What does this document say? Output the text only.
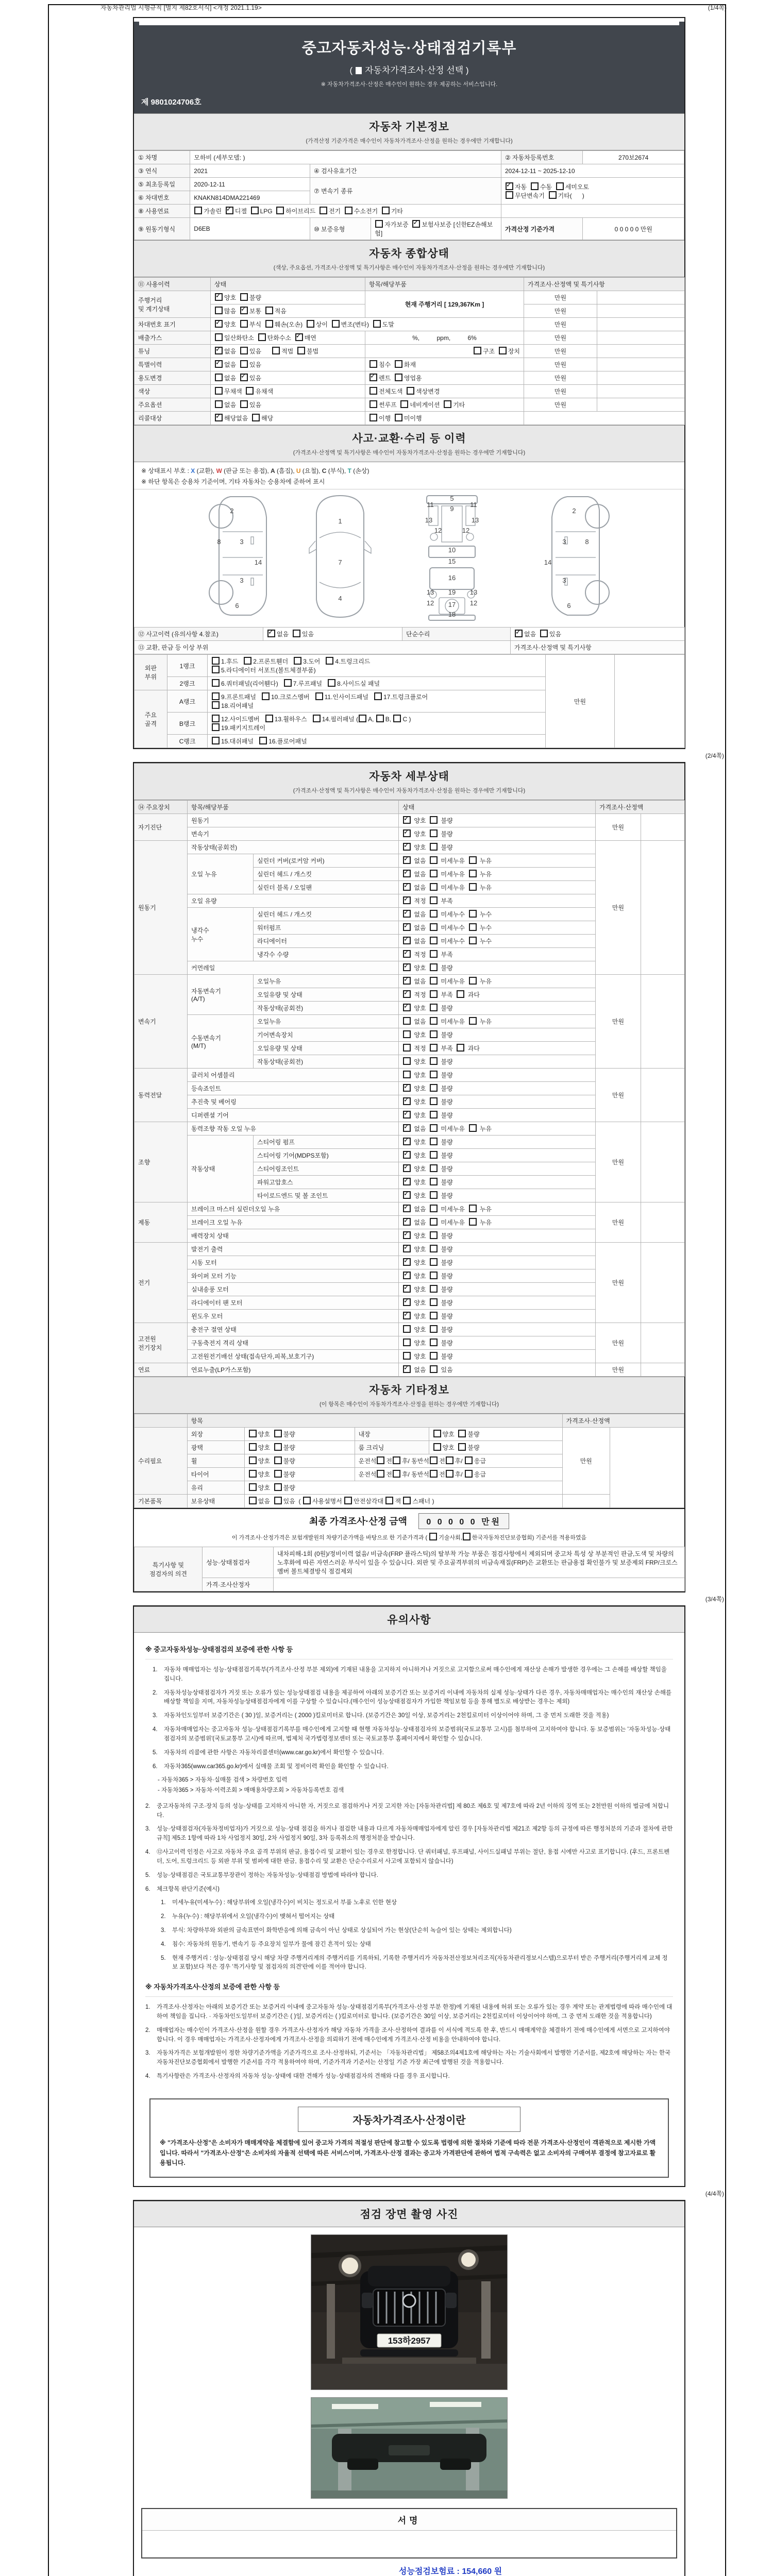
자동차관리법 시행규칙 [별지 제82호서식] <개정 2021.1.19>	(1/4쪽)
중고자동차성능·상태점검기록부
( 자동차가격조사·산정 선택 )
※ 자동차가격조사·산정은 매수인이 원하는 경우 제공하는 서비스입니다.
제 9801024706호
자동차 기본정보
(가격산정 기준가격은 매수인이 자동차가격조사·산정을 원하는 경우에만 기재합니다)
① 차명	모하비 (세부모델: )			② 자동차등록번호	270보2674
③ 연식	2021	④ 검사유효기간		2024-12-11 ~ 2025-12-10	
⑤ 최초등록일	2020-12-11	⑦ 변속기 종류	✓자동  수동  세미오토
무단변속기  기타(      )
⑥ 차대번호	KNAKN814DMA221469				
⑧ 사용연료	가솔린   ✓디젤  LPG  하이브리드  전기  수소전기  기타	
⑨ 원동기형식	D6EB	⑩ 보증유형	자가보증   ✓보험사보증 [신한EZ손해보험]	가격산정 기준가격	0 0 0 0 0 만원
자동차 종합상태
(색상, 주요옵션, 가격조사·산정액 및 특기사항은 매수인이 자동차가격조사·산정을 원하는 경우에만 기재합니다)
⑪ 사용이력	상태	항목/해당부품	가격조사·산정액 및 특기사항	
주행거리
및 계기상태	✓양호  불량	현재 주행거리 [ 129,367Km ]	만원	
	많음   ✓보통  적음		만원	
차대번호 표기	✓양호  부식  훼손(오손)  상이  변조(변타)  도말		만원	
배출가스	일산화탄소  탄화수소   ✓매연	%,          ppm,          6%	만원	
튜닝	✓없음  있음      적법  불법	구조  장치	만원	
특별이력	✓없음  있음	침수  화재	만원	
용도변경	없음   ✓있음	✓렌트  영업용	만원	
색상	무채색  유채색	전체도색  색상변경	만원	
주요옵션	없음  있음	썬루프  네비게이션  기타	만원	
리콜대상	✓해당없음  해당	이행  미이행		
사고·교환·수리 등 이력
(가격조사·산정액 및 특기사항은 매수인이 자동차가격조사·산정을 원하는 경우에만 기재합니다)
※ 상태표시 부호 : X (교환), W (판금 또는 용접), A (흠집), U (요철), C (부식), T (손상)
※ 하단 항목은 승용차 기준이며, 기타 자동차는 승용차에 준하여 표시
2
8	3
14
3
6
1
7
4
5
9
11	11
13	13
12	12
10
15
16
13 19 13
12 17 12
18
2
8
3
14
3
6
⑫ 사고이력 (유의사항 4.참조)	✓없음  있음	단순수리	✓없음  있음
⑬ 교환, 판금 등 이상 부위			가격조사·산정액 및 특기사항
외판
부위	1랭크	1.후드   2.프론트휀더   3.도어   4.트렁크리드
5.라디에이터 서포트(볼트체결부품)	만원	
	2랭크	6.쿼터패널(리어휀다)   7.루프패널   8.사이드실 패널		
주요
골격	A랭크	9.프론트패널   10.크로스멤버   11.인사이드패널   17.트렁크플로어
18.리어패널		
	B랭크	12.사이드멤버   13.휠하우스   14.필러패널 ( A, B, C )
19.패키지트레이		
	C랭크	15.대쉬패널   16.플로어패널		
(2/4쪽)
자동차 세부상태
(가격조사·산정액 및 특기사항은 매수인이 자동차가격조사·산정을 원하는 경우에만 기재합니다)
⑭ 주요장치	항목/해당부품		상태	가격조사·산정액	
자기진단	원동기	✓ 양호   불량	만원	
	변속기	✓ 양호   불량
원동기	작동상태(공회전)	✓ 양호   불량	만원	
	오일 누유	실린더 커버(로커암 커버)	✓ 없음   미세누유   누유
		실린더 헤드 / 개스킷	✓ 없음   미세누유   누유
		실린더 블록 / 오일팬	✓ 없음   미세누유   누유
	오일 유량	✓ 적정   부족
	냉각수
누수	실린더 헤드 / 개스킷	✓ 없음   미세누수   누수
		워터펌프	✓ 없음   미세누수   누수
		라디에이터	✓ 없음   미세누수   누수
		냉각수 수량	✓ 적정   부족
	커먼레일	✓ 양호   불량
변속기	자동변속기
(A/T)	오일누유	✓ 없음   미세누유   누유	만원	
		오일유량 및 상태	✓ 적정   부족   과다
		작동상태(공회전)	✓ 양호   불량
	수동변속기
(M/T)	오일누유	없음   미세누유   누유		
		기어변속장치	양호   불량		
		오일유량 및 상태	적정   부족   과다		
		작동상태(공회전)	양호   불량		
동력전달	클러치 어셈블리		양호   불량	만원	
	등속죠인트	✓ 양호   불량
	추진축 및 베어링	✓ 양호   불량
	디퍼렌셜 기어	✓ 양호   불량
조향	동력조향 작동 오일 누유	✓ 없음   미세누유   누유	만원	
	작동상태	스티어링 펌프	✓ 양호   불량
		스티어링 기어(MDPS포함)	✓ 양호   불량
		스티어링조인트	✓ 양호   불량
		파워고압호스	✓ 양호   불량
		타이로드엔드 및 볼 조인트	✓ 양호   불량
제동	브레이크 마스터 실린더오일 누유	✓ 없음   미세누유   누유	만원	
	브레이크 오일 누유	✓ 없음   미세누유   누유
	배력장치 상태	✓ 양호   불량
전기	발전기 출력	✓ 양호   불량	만원	
	시동 모터	✓ 양호   불량
	와이퍼 모터 기능	✓ 양호   불량
	실내송풍 모터	✓ 양호   불량
	라디에이터 팬 모터	✓ 양호   불량
	윈도우 모터	✓ 양호   불량
고전원
전기장치	충전구 절연 상태		양호   불량	만원	
	구동축전지 격리 상태		양호   불량		
	고전원전기배선 상태(접속단자,피복,보호기구)		양호   불량		
연료	연료누출(LP가스포함)	✓ 없음   있음	만원	
자동차 기타정보
(이 항목은 매수인이 자동차가격조사·산정을 원하는 경우에만 기재합니다)
	항목				가격조사·산정액	
수리필요	외장	양호  불량	내장	양호  불량	만원	
	광택	양호  불량	룸 크리닝	양호  불량		
	휠	양호  불량	운전석 전 후/ 동반석 전 후/ 응급			
	타이어	양호  불량	운전석 전 후/ 동반석 전 후/ 응급			
	유리	양호  불량				
기본품목	보유상태	없음  있음  ( 사용설명서 안전삼각대 잭 스패너 )				
최종 가격조사·산정 금액 0 0 0 0 0 만원
이 가격조사·산정가격은 보험개발원의 차량기준가액을 바탕으로 한 기준가격과 ( 기술사회, 한국자동차진단보증협회) 기준서를 적용하였음
특기사항 및
점검자의 의견	성능·상태점검자	내차피해-1회 (0원)/정비이력 없음/ 비금속(FRP 플라스틱)의 탈부착 가능 부품은 점검사항에서 제외되며 중고차 특성 상 부분적인 판금,도색 및 차량의 노후화에 따른 자연스러운 부식이 있을 수 있습니다. 외판 및 주요골격부위의 비금속재질(FRP)은 교환또는 판금용접 확인불가 및 보증제외 FRP/크로스멤버 볼트체결방식 점검제외
	가격·조사산정자	
(3/4쪽)
유의사항
※ 중고자동차성능·상태점검의 보증에 관한 사항 등
1.	자동차 매매업자는 성능·상태점검기록부(가격조사·산정 부분 제외)에 기재된 내용을 고지하지 아니하거나 거짓으로 고지함으로써 매수인에게 재산상 손해가 발생한 경우에는 그 손해를 배상할 책임을 집니다.
2.	자동차성능상태점검자가 거짓 또는 오류가 있는 성능상태점검 내용을 제공하여 아래의 보증기간 또는 보증거리 이내에 자동차의 실제 성능·상태가 다른 경우, 자동차매매업자는 매수인의 재산상 손해를 배상할 책임을 지며, 자동차성능상태점검자에게 이를 구상할 수 있습니다.(매수인이 성능상태점검자가 가입한 책임보험 등을 통해 별도로 배상받는 경우는 제외)
3.	자동차인도일부터 보증기간은 ( 30 )일, 보증거리는 ( 2000 )킬로미터로 합니다. (보증기간은 30일 이상, 보증거리는 2천킬로미터 이상이어야 하며, 그 중 먼저 도래한 것을 적용)
4.	자동차매매업자는 중고자동차 성능·상태점검기록부를 매수인에게 고지할 때 현행 자동차성능·상태점검자의 보증범위(국토교통부 고시)를 첨부하여 고지하여야 합니다. 동 보증범위는 '자동차성능·상태점검자의 보증범위'(국토교통부 고시)에 따르며, 법제처 국가법령정보센터 또는 국토교통부 홈페이지에서 확인할 수 있습니다.
5.	자동차의 리콜에 관한 사항은 자동차리콜센터(www.car.go.kr)에서 확인할 수 있습니다.
6.	자동차365(www.car365.go.kr)에서 실매물 조회 및 정비이력 확인을 확인할 수 있습니다.
- 자동차365 > 자동차·실매물 검색 > 차량번호 입력
- 자동차365 > 자동차·이력조회 > 매매용차량조회 > 자동차등록번호 검색
2.	중고자동차의 구조·장치 등의 성능·상태를 고지하지 아니한 자, 거짓으로 점검하거나 거짓 고지한 자는 [자동차관리법] 제 80조 제6호 및 제7호에 따라 2년 이하의 징역 또는 2천만원 이하의 벌금에 처합니다.
3.	성능·상태점검자(자동차정비업자)가 거짓으로 성능·상태 점검을 하거나 점검한 내용과 다르게 자동차매매업자에게 알린 경우 [자동차관리법 제21조 제2항 등의 규정에 따른 행정처분의 기준과 절차에 관한 규칙] 제5조 1항에 따라 1차 사업정지 30일, 2차 사업정지 90일, 3차 등록취소의 행정처분을 받습니다.
4.	⑫사고이력 인정은 사고로 자동차 주요 골격 부위의 판금, 용접수리 및 교환이 있는 경우로 한정합니다. 단 쿼터패널, 루프패널, 사이드실패널 부위는 절단, 용접 시에만 사고로 표기합니다. (후드, 프론트펜더, 도어, 트렁크리드 등 외판 부위 및 범퍼에 대한 판금, 용접수리 및 교환은 단순수리로서 사고에 포함되지 않습니다)
5.	성능·상태점검은 국토교통부장관이 정하는 자동차성능·상태점검 방법에 따라야 합니다.
6.	체크항목 판단기준(예시)
1.	미세누유(미세누수) : 해당부위에 오일(냉각수)이 비치는 정도로서 부품 노후로 인한 현상
2.	누유(누수) : 해당부위에서 오일(냉각수)이 맺혀서 떨어지는 상태
3.	부식: 차량하부와 외판의 금속표면이 화학반응에 의해 금속이 아닌 상태로 상실되어 가는 현상(단순히 녹슬어 있는 상태는 제외합니다)
4.	침수: 자동차의 원동기, 변속기 등 주요장치 일부가 물에 잠긴 흔적이 있는 상태
5.	현재 주행거리 : 성능·상태점검 당시 해당 차량 주행거리계의 주행거리를 기록하되, 기록한 주행거리가 자동차전산정보처리조직(자동차관리정보시스템)으로부터 받은 주행거리(주행거리계 교체 정보 포함)보다 적은 경우 '특기사항 및 점검자의 의견'란에 이를 적어야 합니다.
※ 자동차가격조사·산정의 보증에 관한 사항 등
1.	가격조사·산정자는 아래의 보증기간 또는 보증거리 이내에 중고자동차 성능·상태점검기록부(가격조사·산정 부분 한정)에 기재된 내용에 허위 또는 오류가 있는 경우 계약 또는 관계법령에 따라 매수인에 대하여 책임을 집니다. · 자동차인도일부터 보증기간은 ( )일, 보증거리는 ( )킬로미터로 합니다. (보증기간은 30일 이상, 보증거리는 2천킬로미터 이상이어야 하며, 그 중 먼저 도래한 것을 적용합니다)
2.	매매업자는 매수인이 가격조사·산정을 원할 경우 가격조사·산정자가 해당 자동차 가격을 조사·산정하여 결과를 이 서식에 적도록 한 후, 반드시 매매계약을 체결하기 전에 매수인에게 서면으로 고지하여야 합니다. 이 경우 매매업자는 가격조사·산정자에게 가격조사·산정을 의뢰하기 전에 매수인에게 가격조사·산정 비용을 안내하여야 합니다.
3.	자동차가격은 보험개발원이 정한 차량기준가액을 기준가격으로 조사·산정하되, 기준서는 「자동차관리법」 제58조의4제1호에 해당하는 자는 기술사회에서 발행한 기준서를, 제2호에 해당하는 자는 한국자동차진단보증협회에서 발행한 기준서를 각각 적용하여야 하며, 기준가격과 기준서는 산정일 기준 가장 최근에 발행된 것을 적용합니다.
4.	특기사항란은 가격조사·산정자의 자동차 성능·상태에 대한 견해가 성능·상태점검자의 견해와 다를 경우 표시합니다.
자동차가격조사·산정이란
※ "가격조사·산정"은 소비자가 매매계약을 체결함에 있어 중고차 가격의 적절성 판단에 참고할 수 있도록 법령에 의한 절차와 기준에 따라 전문 가격조사·산정인이 객관적으로 제시한 가액입니다. 따라서 "가격조사·산정"은 소비자의 자율적 선택에 따른 서비스이며, 가격조사·산정 결과는 중고차 가격판단에 관하여 법적 구속력은 없고 소비자의 구매여부 결정에 참고자료로 활용됩니다.
(4/4쪽)
점검 장면 촬영 사진
153하2957
서명
성능점검보험료 : 154,660 원
